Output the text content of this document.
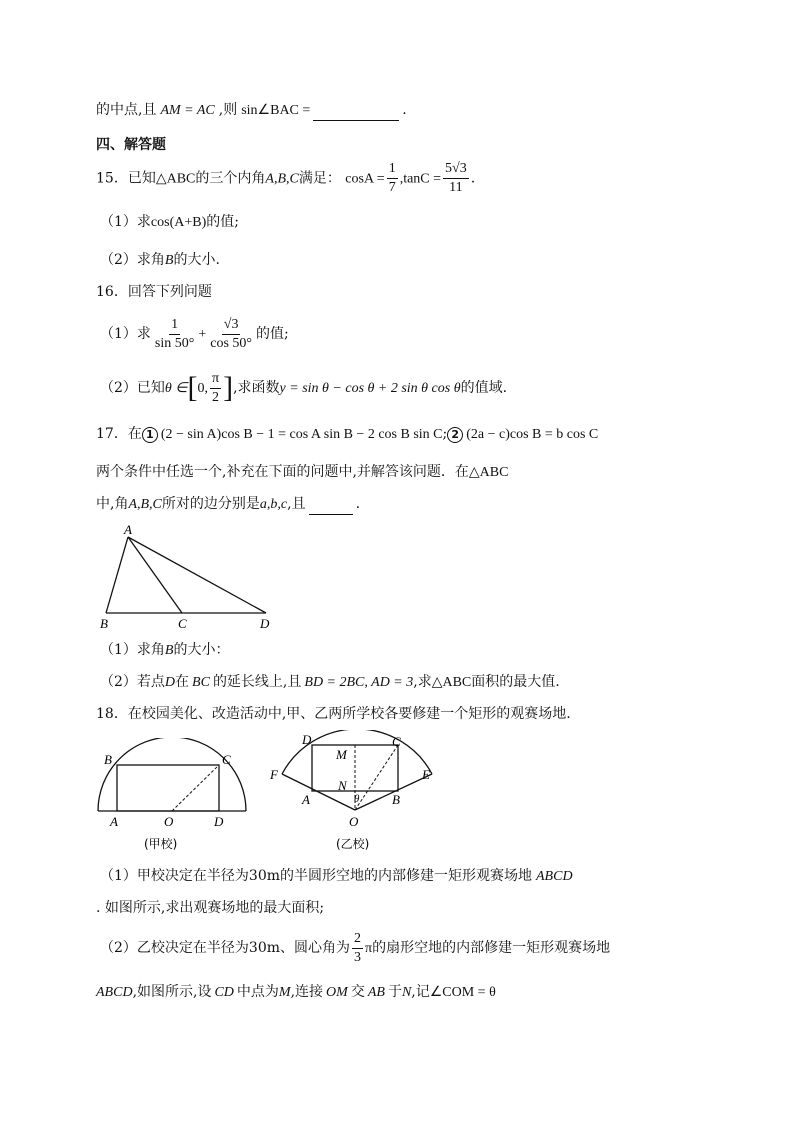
的中点,且 AM = AC ,则 sin∠BAC =	.
四、解答题
15．已知△ABC的三个内角A,B,C满足： $\cos A = \frac{1}{7} ,\tan C = \frac{5√3}{11}$ .
（1）求cos(A+B)的值;
（2）求角B的大小.
16．回答下列问题
（1）求 $\frac{1}{\sin 50^\circ} + \frac{√3}{\cos 50^\circ}$ 的值;
（2）已知θ ∈[0, $\frac{\pi}{2}$ ],求函数y = sin θ − cos θ + 2 sin θ cos θ的值域.
17．在 1 (2 − sin A)cos B − 1 = cos A sin B − 2 cos B sin C; 2 (2a − c)cos B = b cos C
两个条件中任选一个,补充在下面的问题中,并解答该问题．在△ABC
中,角A,B,C所对的边分别是a,b,c,且	.
A
B	C	D
（1）求角B的大小：
（2）若点D在 BC 的延长线上,且 BD = 2BC, AD = 3,求△ABC面积的最大值.
18．在校园美化、改造活动中,甲、乙两所学校各要修建一个矩形的观赛场地.
B	C
A	O	D
(甲校)
D
M
C
F	E
N
A	B
θ
O
(乙校)
（1）甲校决定在半径为30m的半圆形空地的内部修建一矩形观赛场地 ABCD
. 如图所示,求出观赛场地的最大面积;
（2）乙校决定在半径为30m、圆心角为 $\frac{2}{3}$ π的扇形空地的内部修建一矩形观赛场地
ABCD,如图所示,设 CD 中点为M,连接 OM 交 AB 于N,记∠COM = θ
